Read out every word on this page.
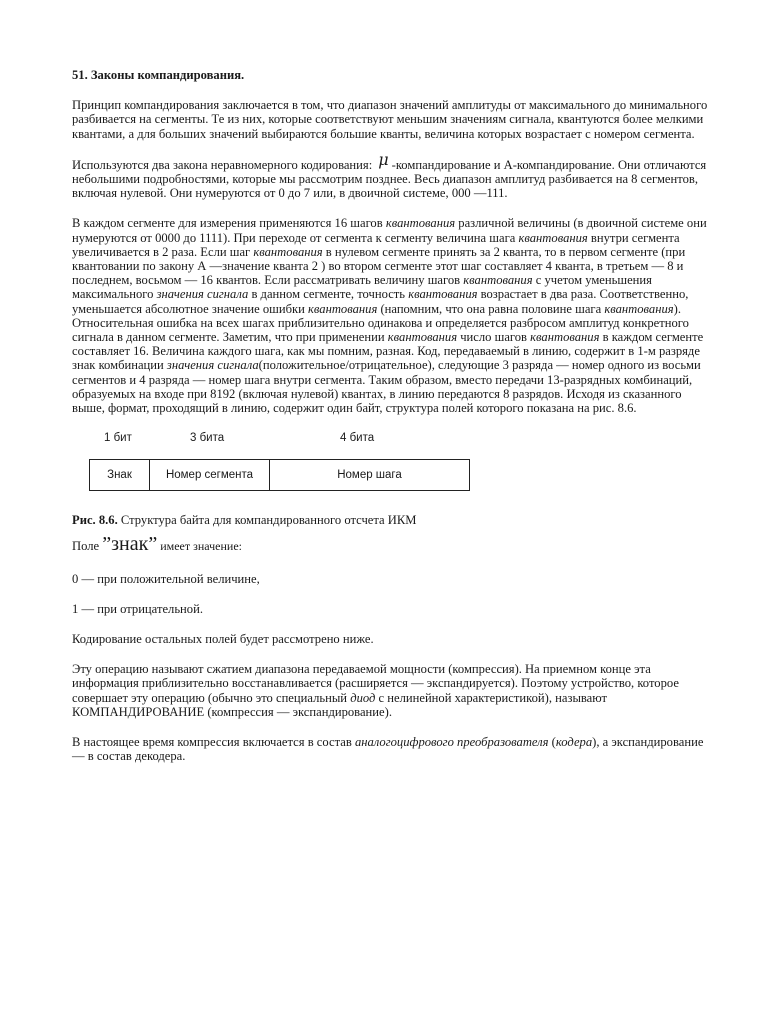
51. Законы компандирования.

Принцип компандирования заключается в том, что диапазон значений амплитуды от максимального до минимального разбивается на сегменты. Те из них, которые соответствуют меньшим значениям сигнала, квантуются более мелкими квантами, а для больших значений выбираются большие кванты, величина которых возрастает с номером сегмента.

Используются два закона неравномерного кодирования: μ -компандирование и А-компандирование. Они отличаются небольшими подробностями, которые мы рассмотрим позднее. Весь диапазон амплитуд разбивается на 8 сегментов, включая нулевой. Они нумеруются от 0 до 7 или, в двоичной системе, 000 —111.

В каждом сегменте для измерения применяются 16 шагов квантования различной величины (в двоичной системе они нумеруются от 0000 до 1111). При переходе от сегмента к сегменту величина шага квантования внутри сегмента увеличивается в 2 раза. Если шаг квантования в нулевом сегменте принять за 2 кванта, то в первом сегменте (при квантовании по закону А —значение кванта 2 ) во втором сегменте этот шаг составляет 4 кванта, в третьем — 8 и последнем, восьмом — 16 квантов. Если рассматривать величину шагов квантования с учетом уменьшения максимального значения сигнала в данном сегменте, точность квантования возрастает в два раза. Соответственно, уменьшается абсолютное значение ошибки квантования (напомним, что она равна половине шага квантования). Относительная ошибка на всех шагах приблизительно одинакова и определяется разбросом амплитуд конкретного сигнала в данном сегменте. Заметим, что при применении квантования число шагов квантования в каждом сегменте составляет 16. Величина каждого шага, как мы помним, разная. Код, передаваемый в линию, содержит в 1-м разряде знак комбинации значения сигнала(положительное/отрицательное), следующие 3 разряда — номер одного из восьми сегментов и 4 разряда — номер шага внутри сегмента. Таким образом, вместо передачи 13-разрядных комбинаций, образуемых на входе при 8192 (включая нулевой) квантах, в линию передаются 8 разрядов. Исходя из сказанного выше, формат, проходящий в линию, содержит один байт, структура полей которого показана на рис. 8.6.

1 бит	3 бита	4 бита
Знак	Номер сегмента	Номер шага
Рис. 8.6. Структура байта для компандированного отсчета ИКМ
Поле ”знак” имеет значение:

0 — при положительной величине,

1 — при отрицательной.

Кодирование остальных полей будет рассмотрено ниже.

Эту операцию называют сжатием диапазона передаваемой мощности (компрессия). На приемном конце эта информация приблизительно восстанавливается (расширяется — экспандируется). Поэтому устройство, которое совершает эту операцию (обычно это специальный диод с нелинейной характеристикой), называют КОМПАНДИРОВАНИЕ (компрессия — экспандирование).

В настоящее время компрессия включается в состав аналогоцифрового преобразователя (кодера), а экспандирование — в состав декодера.
